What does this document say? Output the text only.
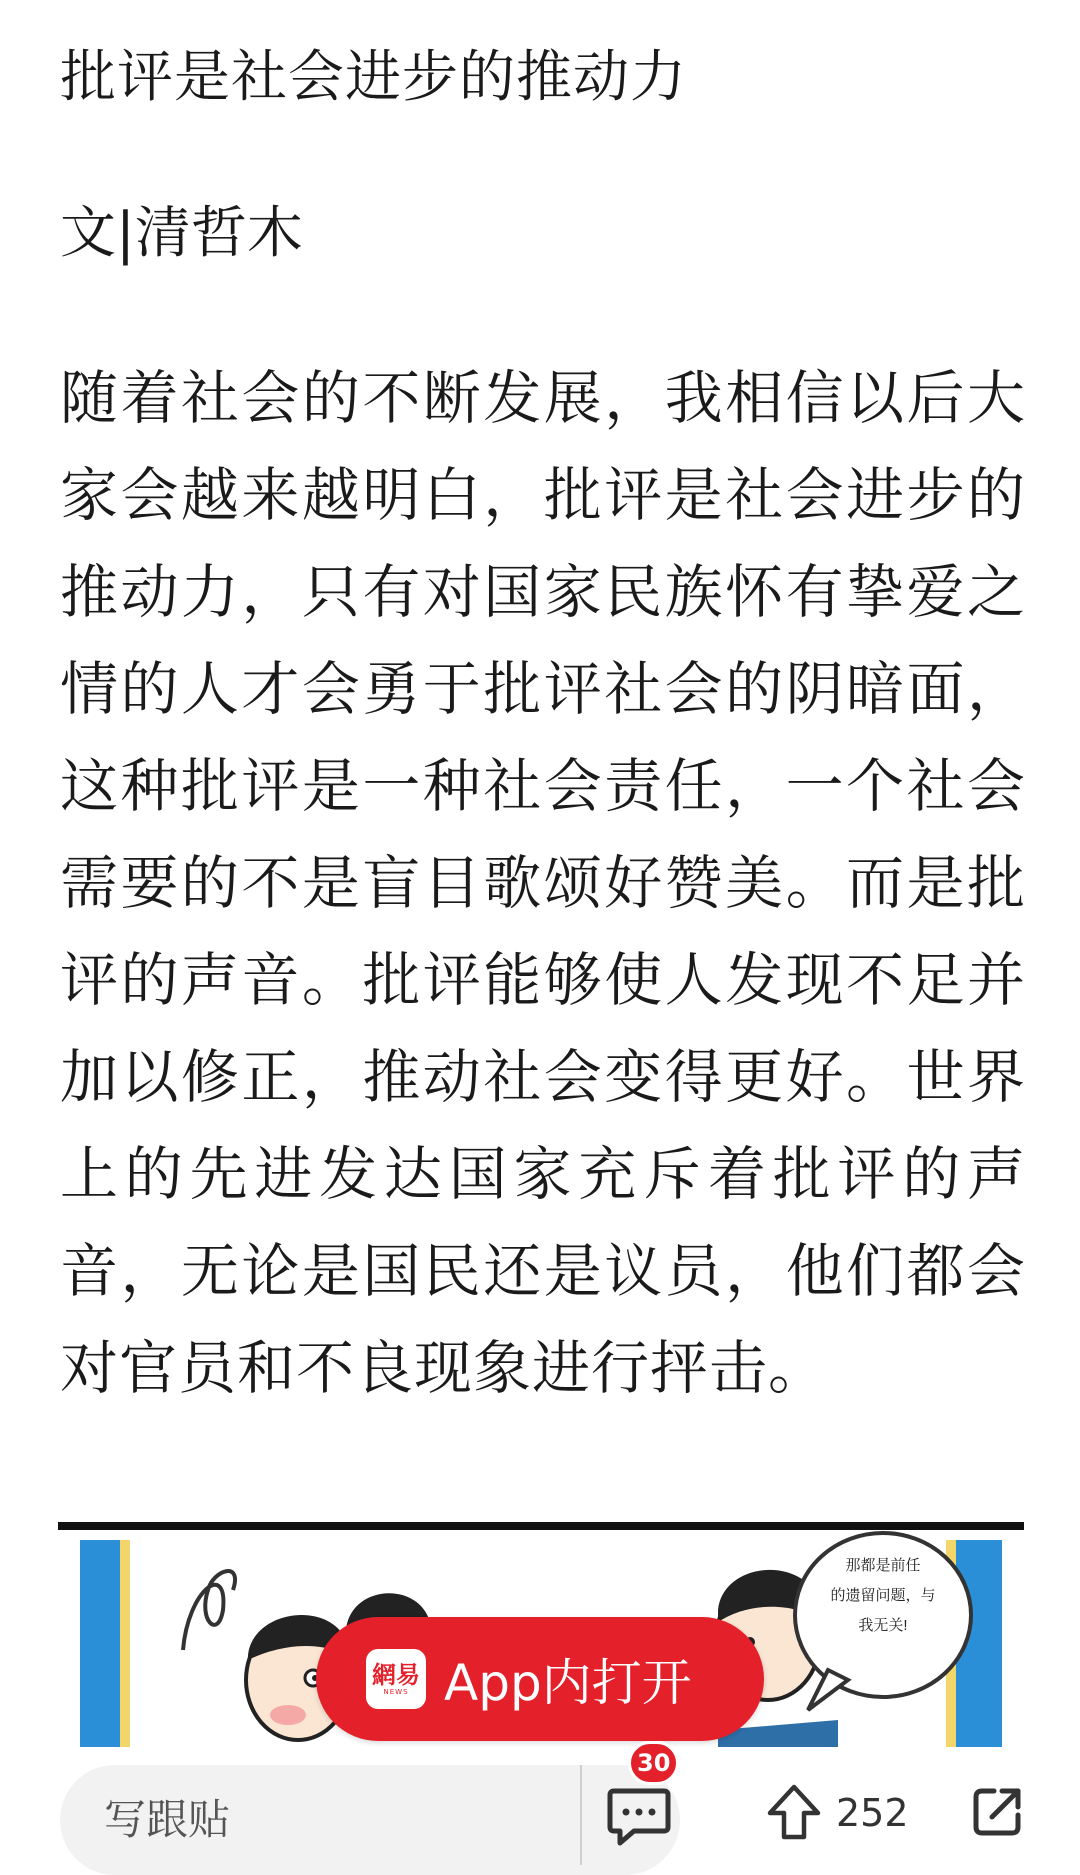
批评是社会进步的推动力
文|清哲木

随着社会的不断发展，我相信以后大家会越来越明白，批评是社会进步的推动力，只有对国家民族怀有挚爱之情的人才会勇于批评社会的阴暗面，这种批评是一种社会责任，一个社会需要的不是盲目歌颂好赞美。而是批评的声音。批评能够使人发现不足并加以修正，推动社会变得更好。世界上的先进发达国家充斥着批评的声音，无论是国民还是议员，他们都会对官员和不良现象进行抨击。

那都是前任
的遗留问题，与
我无关!
網易
NEWS App内打开
写跟贴
30
252
